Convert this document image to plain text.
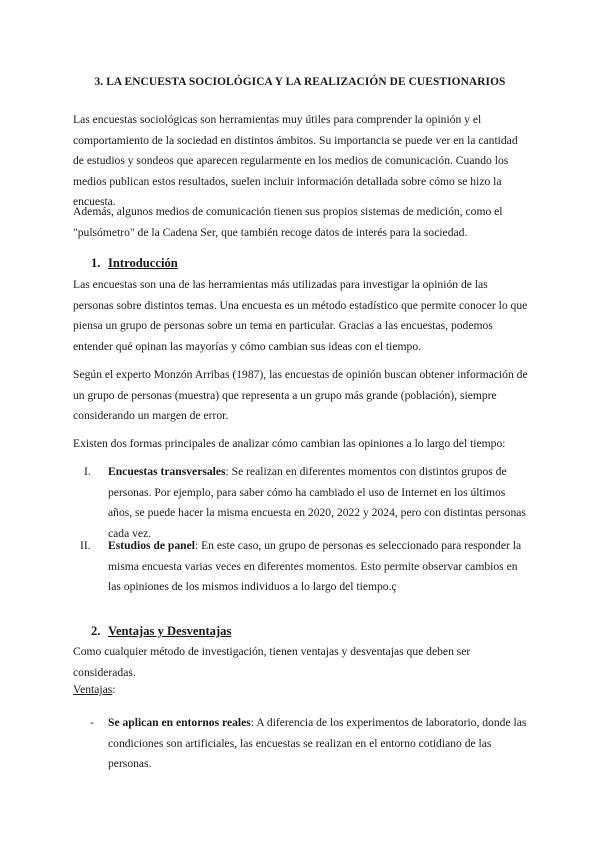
3. LA ENCUESTA SOCIOLÓGICA Y LA REALIZACIÓN DE CUESTIONARIOS
Las encuestas sociológicas son herramientas muy útiles para comprender la opinión y el comportamiento de la sociedad en distintos ámbitos. Su importancia se puede ver en la cantidad de estudios y sondeos que aparecen regularmente en los medios de comunicación. Cuando los medios publican estos resultados, suelen incluir información detallada sobre cómo se hizo la encuesta.
Además, algunos medios de comunicación tienen sus propios sistemas de medición, como el "pulsómetro" de la Cadena Ser, que también recoge datos de interés para la sociedad.
1. Introducción
Las encuestas son una de las herramientas más utilizadas para investigar la opinión de las personas sobre distintos temas. Una encuesta es un método estadístico que permite conocer lo que piensa un grupo de personas sobre un tema en particular. Gracias a las encuestas, podemos entender qué opinan las mayorías y cómo cambian sus ideas con el tiempo.
Según el experto Monzón Arribas (1987), las encuestas de opinión buscan obtener información de un grupo de personas (muestra) que representa a un grupo más grande (población), siempre considerando un margen de error.
Existen dos formas principales de analizar cómo cambian las opiniones a lo largo del tiempo:
I. Encuestas transversales: Se realizan en diferentes momentos con distintos grupos de personas. Por ejemplo, para saber cómo ha cambiado el uso de Internet en los últimos años, se puede hacer la misma encuesta en 2020, 2022 y 2024, pero con distintas personas cada vez.
II. Estudios de panel: En este caso, un grupo de personas es seleccionado para responder la misma encuesta varias veces en diferentes momentos. Esto permite observar cambios en las opiniones de los mismos individuos a lo largo del tiempo.ç
2. Ventajas y Desventajas
Como cualquier método de investigación, tienen ventajas y desventajas que deben ser consideradas.
Ventajas:
- Se aplican en entornos reales: A diferencia de los experimentos de laboratorio, donde las condiciones son artificiales, las encuestas se realizan en el entorno cotidiano de las personas.
